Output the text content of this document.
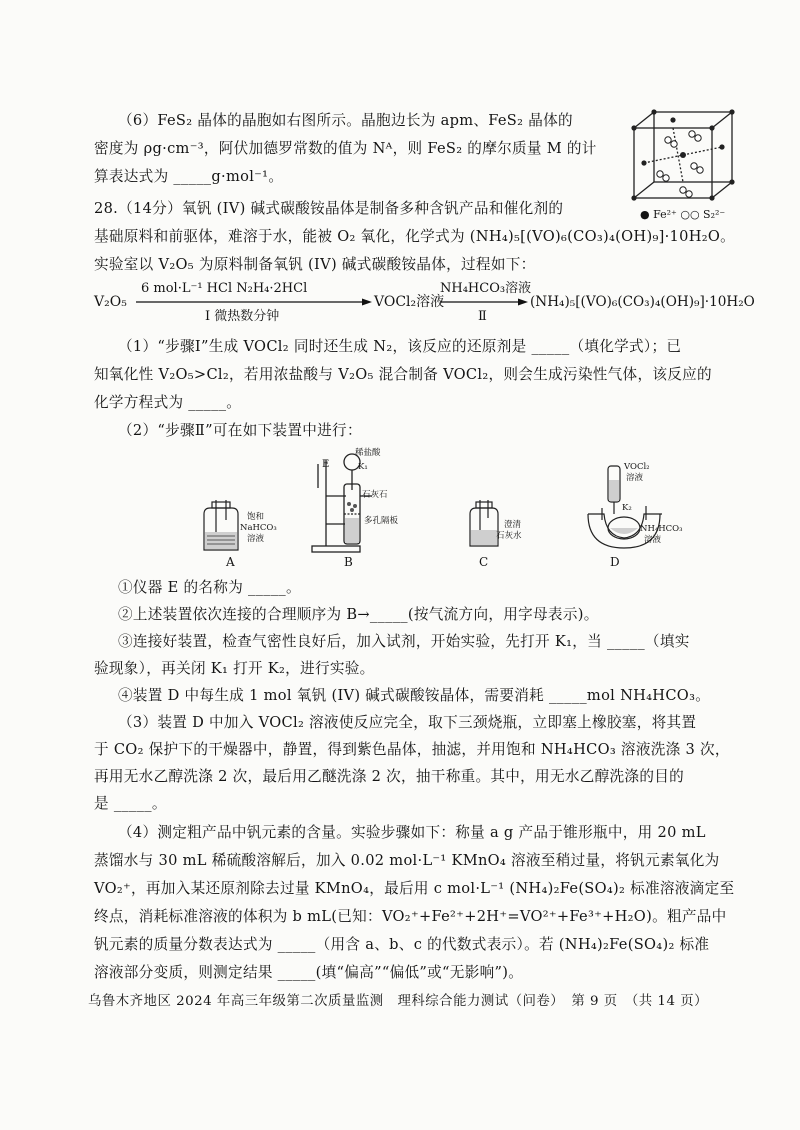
（6）FeS₂ 晶体的晶胞如右图所示。晶胞边长为 apm、FeS₂ 晶体的
密度为 ρg·cm⁻³，阿伏加德罗常数的值为 Nᴬ，则 FeS₂ 的摩尔质量 M 的计
算表达式为 _____g·mol⁻¹。
● Fe²⁺ ○○ S₂²⁻
28.（14分）氧钒 (IV) 碱式碳酸铵晶体是制备多种含钒产品和催化剂的
基础原料和前驱体，难溶于水，能被 O₂ 氧化，化学式为 (NH₄)₅[(VO)₆(CO₃)₄(OH)₉]·10H₂O。
实验室以 V₂O₅ 为原料制备氧钒 (IV) 碱式碳酸铵晶体，过程如下：
V₂O₅
6 mol·L⁻¹ HCl N₂H₄·2HCl
Ⅰ 微热数分钟
VOCl₂溶液
NH₄HCO₃溶液
Ⅱ
(NH₄)₅[(VO)₆(CO₃)₄(OH)₉]·10H₂O
（1）“步骤Ⅰ”生成 VOCl₂ 同时还生成 N₂，该反应的还原剂是 _____（填化学式）；已
知氧化性 V₂O₅>Cl₂，若用浓盐酸与 V₂O₅ 混合制备 VOCl₂，则会生成污染性气体，该反应的
化学方程式为 _____。
（2）“步骤Ⅱ”可在如下装置中进行：
饱和
NaHCO₃
溶液
A
E
稀盐酸
K₁
石灰石
多孔隔板
B
澄清
石灰水
C
VOCl₂
溶液
K₂
NH₄HCO₃
溶液
D
①仪器 E 的名称为 _____。
②上述装置依次连接的合理顺序为 B→_____(按气流方向，用字母表示)。
③连接好装置，检查气密性良好后，加入试剂，开始实验，先打开 K₁，当 _____（填实
验现象），再关闭 K₁ 打开 K₂，进行实验。
④装置 D 中每生成 1 mol 氧钒 (IV) 碱式碳酸铵晶体，需要消耗 _____mol NH₄HCO₃。
（3）装置 D 中加入 VOCl₂ 溶液使反应完全，取下三颈烧瓶，立即塞上橡胶塞，将其置
于 CO₂ 保护下的干燥器中，静置，得到紫色晶体，抽滤，并用饱和 NH₄HCO₃ 溶液洗涤 3 次，
再用无水乙醇洗涤 2 次，最后用乙醚洗涤 2 次，抽干称重。其中，用无水乙醇洗涤的目的
是 _____。
（4）测定粗产品中钒元素的含量。实验步骤如下：称量 a g 产品于锥形瓶中，用 20 mL
蒸馏水与 30 mL 稀硫酸溶解后，加入 0.02 mol·L⁻¹ KMnO₄ 溶液至稍过量，将钒元素氧化为
VO₂⁺，再加入某还原剂除去过量 KMnO₄，最后用 c mol·L⁻¹ (NH₄)₂Fe(SO₄)₂ 标准溶液滴定至
终点，消耗标准溶液的体积为 b mL(已知：VO₂⁺+Fe²⁺+2H⁺=VO²⁺+Fe³⁺+H₂O)。粗产品中
钒元素的质量分数表达式为 _____（用含 a、b、c 的代数式表示）。若 (NH₄)₂Fe(SO₄)₂ 标准
溶液部分变质，则测定结果 _____(填“偏高”“偏低”或“无影响”)。
乌鲁木齐地区 2024 年高三年级第二次质量监测　理科综合能力测试（问卷）　第 9 页　（共 14 页）
